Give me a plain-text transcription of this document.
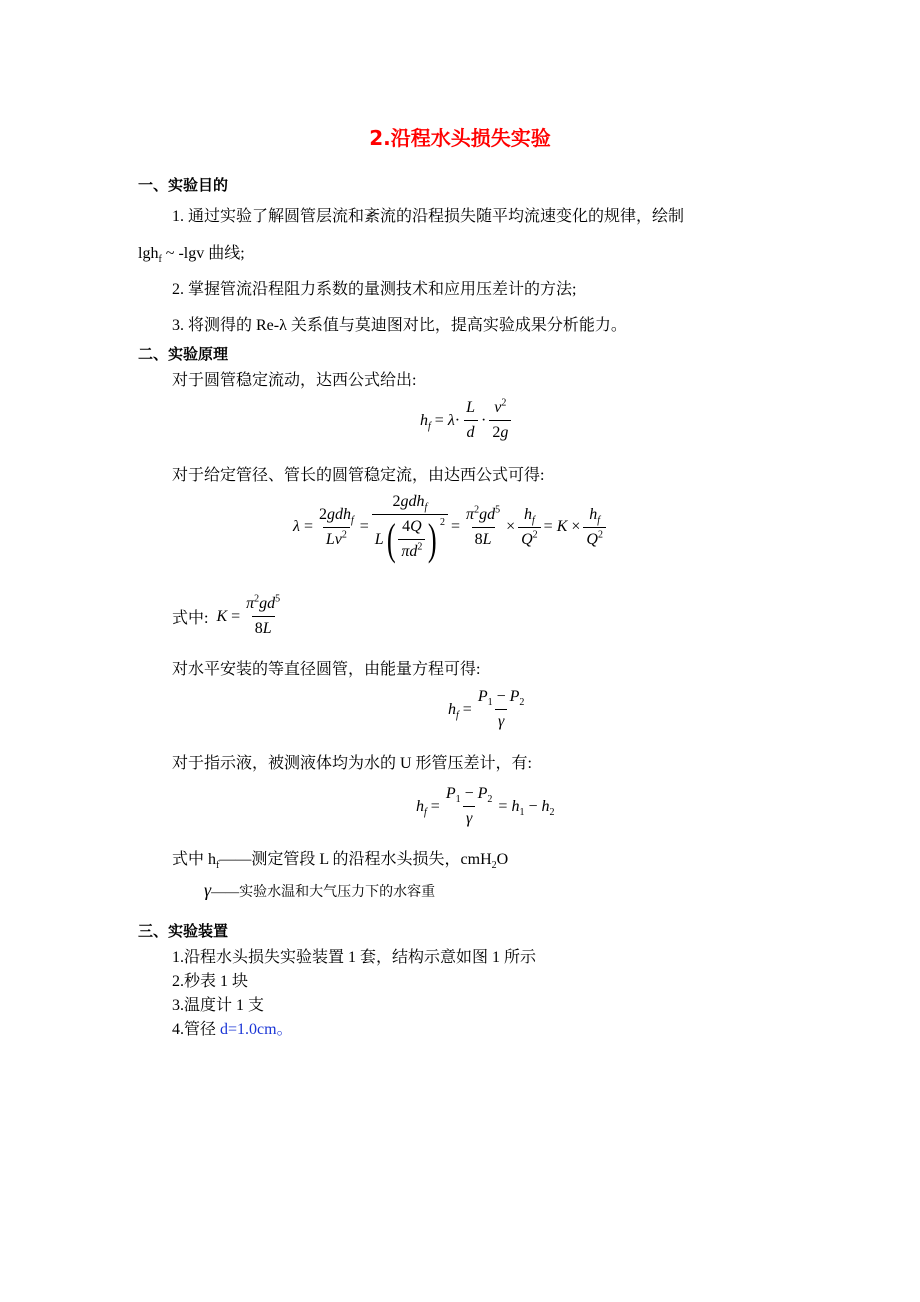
2.沿程水头损失实验
一、实验目的
1. 通过实验了解圆管层流和紊流的沿程损失随平均流速变化的规律，绘制
lgh$_f$ ~ -lgv 曲线;
2. 掌握管流沿程阻力系数的量测技术和应用压差计的方法;
3. 将测得的 Re-λ 关系值与莫迪图对比，提高实验成果分析能力。
二、实验原理
对于圆管稳定流动，达西公式给出:
$h_f$
=
$\lambda \cdot \frac{L}{d} \cdot \frac{v^2}{2g}$
对于给定管径、管长的圆管稳定流，由达西公式可得:
λ
= $\frac{2gdh_f}{Lv^2} = \frac{2gdh_f}{L ( \frac{4Q}{\pi d^2} ) 2} = \frac{\pi^2gd^5}{8L} \times \frac{h_f}{Q^2}$ =
K
× $\frac{h_f}{Q^2}$
式中:
K
= $\frac{\pi^2gd^5}{8L}$
对水平安装的等直径圆管，由能量方程可得:
$h_f$
= $\frac{P_1 - P_2}{\gamma}$
对于指示液，被测液体均为水的 U 形管压差计，有:
$h_f$
= $\frac{P_1 - P_2}{\gamma}$ =
$h_1$
−
$h_2$
式中 $h_f——$测定管段 L 的沿程水头损失，cmH$_2$O
γ——实验水温和大气压力下的水容重
三、实验装置
1.沿程水头损失实验装置 1 套，结构示意如图 1 所示
2.秒表 1 块
3.温度计 1 支
4.管径 d=1.0cm。
